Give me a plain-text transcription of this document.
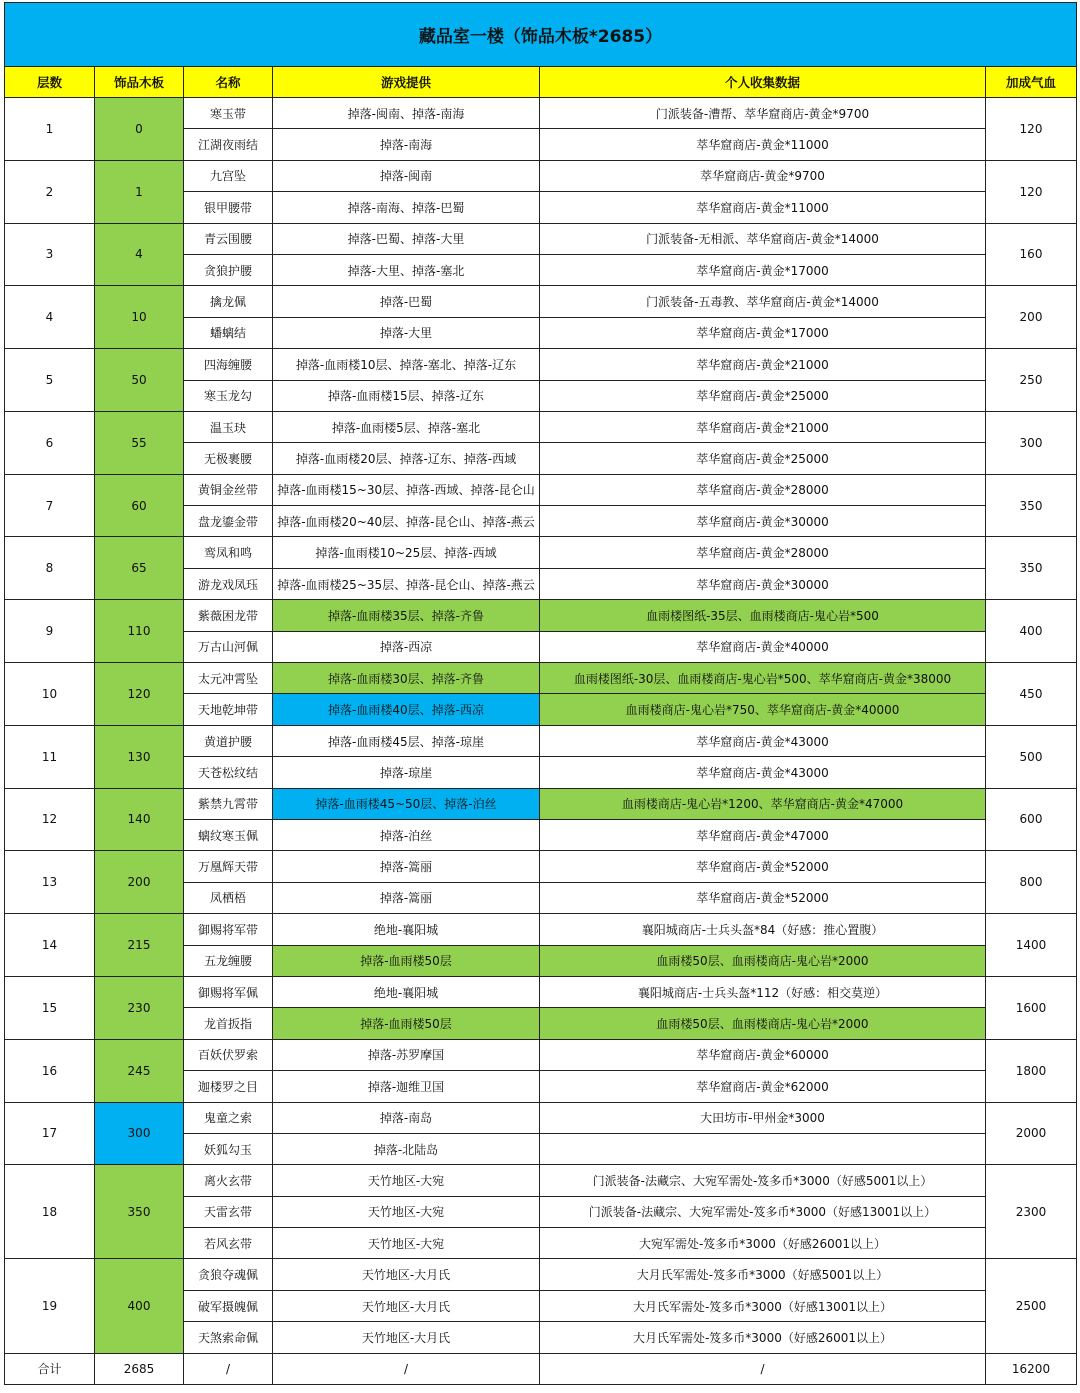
藏品室一楼（饰品木板*2685）					
层数	饰品木板	名称	游戏提供	个人收集数据	加成气血
1	0	寒玉带	掉落-闽南、掉落-南海	门派装备-漕帮、萃华窟商店-黄金*9700	120
		江湖夜雨结	掉落-南海	萃华窟商店-黄金*11000	
2	1	九宫坠	掉落-闽南	萃华窟商店-黄金*9700	120
		银甲腰带	掉落-南海、掉落-巴蜀	萃华窟商店-黄金*11000	
3	4	青云围腰	掉落-巴蜀、掉落-大里	门派装备-无相派、萃华窟商店-黄金*14000	160
		贪狼护腰	掉落-大里、掉落-塞北	萃华窟商店-黄金*17000	
4	10	擒龙佩	掉落-巴蜀	门派装备-五毒教、萃华窟商店-黄金*14000	200
		蟠螭结	掉落-大里	萃华窟商店-黄金*17000	
5	50	四海缠腰	掉落-血雨楼10层、掉落-塞北、掉落-辽东	萃华窟商店-黄金*21000	250
		寒玉龙勾	掉落-血雨楼15层、掉落-辽东	萃华窟商店-黄金*25000	
6	55	温玉玦	掉落-血雨楼5层、掉落-塞北	萃华窟商店-黄金*21000	300
		无极裹腰	掉落-血雨楼20层、掉落-辽东、掉落-西域	萃华窟商店-黄金*25000	
7	60	黄铜金丝带	掉落-血雨楼15~30层、掉落-西域、掉落-昆仑山	萃华窟商店-黄金*28000	350
		盘龙鎏金带	掉落-血雨楼20~40层、掉落-昆仑山、掉落-燕云	萃华窟商店-黄金*30000	
8	65	鸾凤和鸣	掉落-血雨楼10~25层、掉落-西域	萃华窟商店-黄金*28000	350
		游龙戏凤珏	掉落-血雨楼25~35层、掉落-昆仑山、掉落-燕云	萃华窟商店-黄金*30000	
9	110	紫薇困龙带	掉落-血雨楼35层、掉落-齐鲁	血雨楼图纸-35层、血雨楼商店-鬼心岩*500	400
		万古山河佩	掉落-西凉	萃华窟商店-黄金*40000	
10	120	太元冲霄坠	掉落-血雨楼30层、掉落-齐鲁	血雨楼图纸-30层、血雨楼商店-鬼心岩*500、萃华窟商店-黄金*38000	450
		天地乾坤带	掉落-血雨楼40层、掉落-西凉	血雨楼商店-鬼心岩*750、萃华窟商店-黄金*40000	
11	130	黄道护腰	掉落-血雨楼45层、掉落-琼崖	萃华窟商店-黄金*43000	500
		天苍松纹结	掉落-琼崖	萃华窟商店-黄金*43000	
12	140	紫禁九霄带	掉落-血雨楼45~50层、掉落-泊丝	血雨楼商店-鬼心岩*1200、萃华窟商店-黄金*47000	600
		螭纹寒玉佩	掉落-泊丝	萃华窟商店-黄金*47000	
13	200	万凰辉天带	掉落-篙丽	萃华窟商店-黄金*52000	800
		凤栖梧	掉落-篙丽	萃华窟商店-黄金*52000	
14	215	御赐将军带	绝地-襄阳城	襄阳城商店-士兵头盔*84（好感：推心置腹）	1400
		五龙缠腰	掉落-血雨楼50层	血雨楼50层、血雨楼商店-鬼心岩*2000	
15	230	御赐将军佩	绝地-襄阳城	襄阳城商店-士兵头盔*112（好感：相交莫逆）	1600
		龙首扳指	掉落-血雨楼50层	血雨楼50层、血雨楼商店-鬼心岩*2000	
16	245	百妖伏罗索	掉落-苏罗摩国	萃华窟商店-黄金*60000	1800
		迦楼罗之目	掉落-迦维卫国	萃华窟商店-黄金*62000	
17	300	鬼童之索	掉落-南岛	大田坊市-甲州金*3000	2000
		妖狐勾玉	掉落-北陆岛		
18	350	离火玄带	天竹地区-大宛	门派装备-法藏宗、大宛军需处-笈多币*3000（好感5001以上）	2300
		天雷玄带	天竹地区-大宛	门派装备-法藏宗、大宛军需处-笈多币*3000（好感13001以上）	
		若风玄带	天竹地区-大宛	大宛军需处-笈多币*3000（好感26001以上）	
19	400	贪狼夺魂佩	天竹地区-大月氏	大月氏军需处-笈多币*3000（好感5001以上）	2500
		破军摄魄佩	天竹地区-大月氏	大月氏军需处-笈多币*3000（好感13001以上）	
		天煞索命佩	天竹地区-大月氏	大月氏军需处-笈多币*3000（好感26001以上）	
合计	2685	/	/	/	16200
